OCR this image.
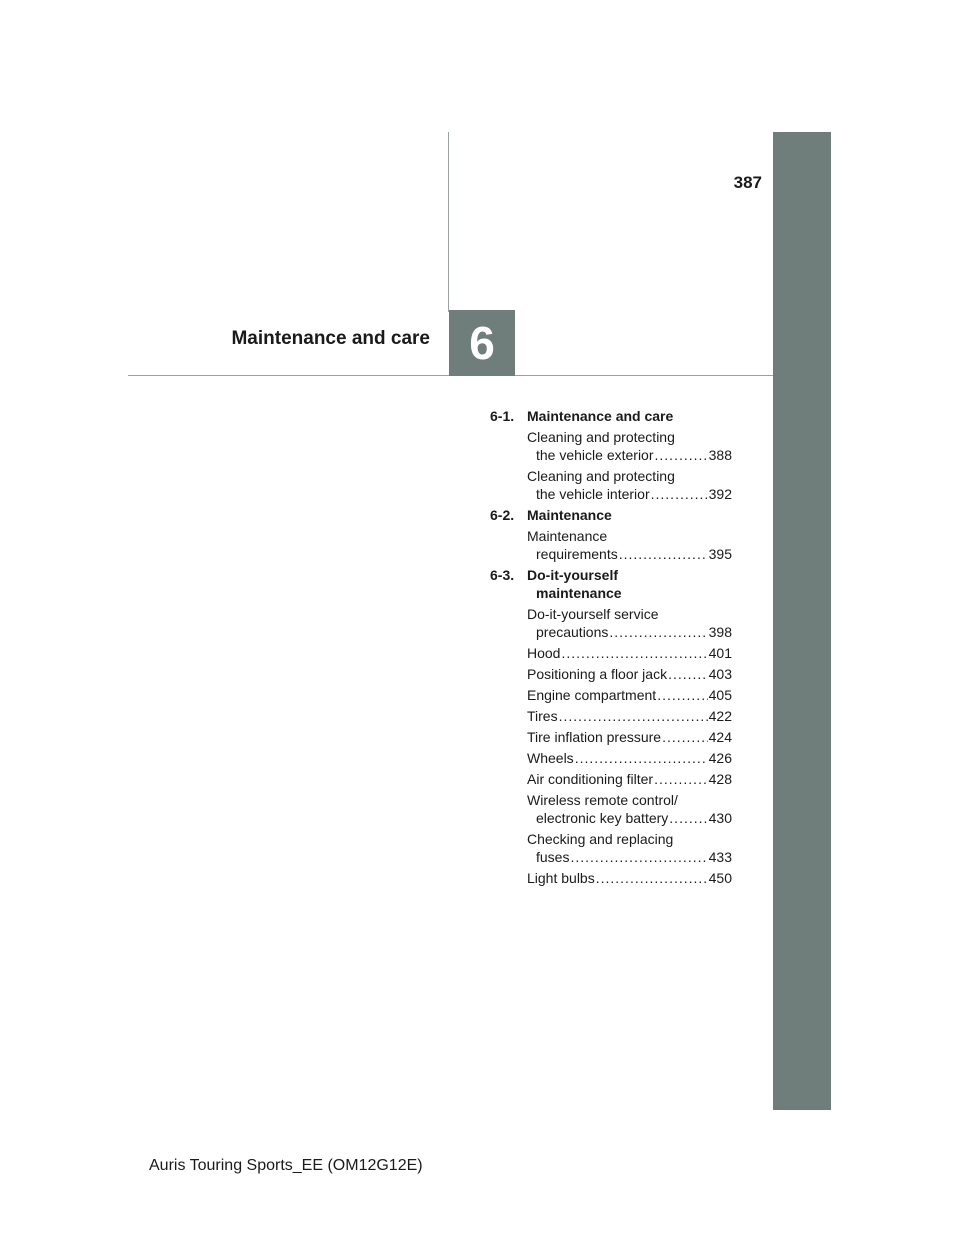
387
Maintenance and care 6
6-1. Maintenance and care
Cleaning and protecting
the vehicle exterior .....	388
Cleaning and protecting
the vehicle interior .....	392
6-2. Maintenance
Maintenance
requirements .....	395
6-3. Do-it-yourself
maintenance
Do-it-yourself service
precautions .....	398
Hood .....	401
Positioning a floor jack .....	403
Engine compartment .....	405
Tires .....	422
Tire inflation pressure .....	424
Wheels .....	426
Air conditioning filter .....	428
Wireless remote control/
electronic key battery .....	430
Checking and replacing
fuses .....	433
Light bulbs .....	450
Auris Touring Sports_EE (OM12G12E)
